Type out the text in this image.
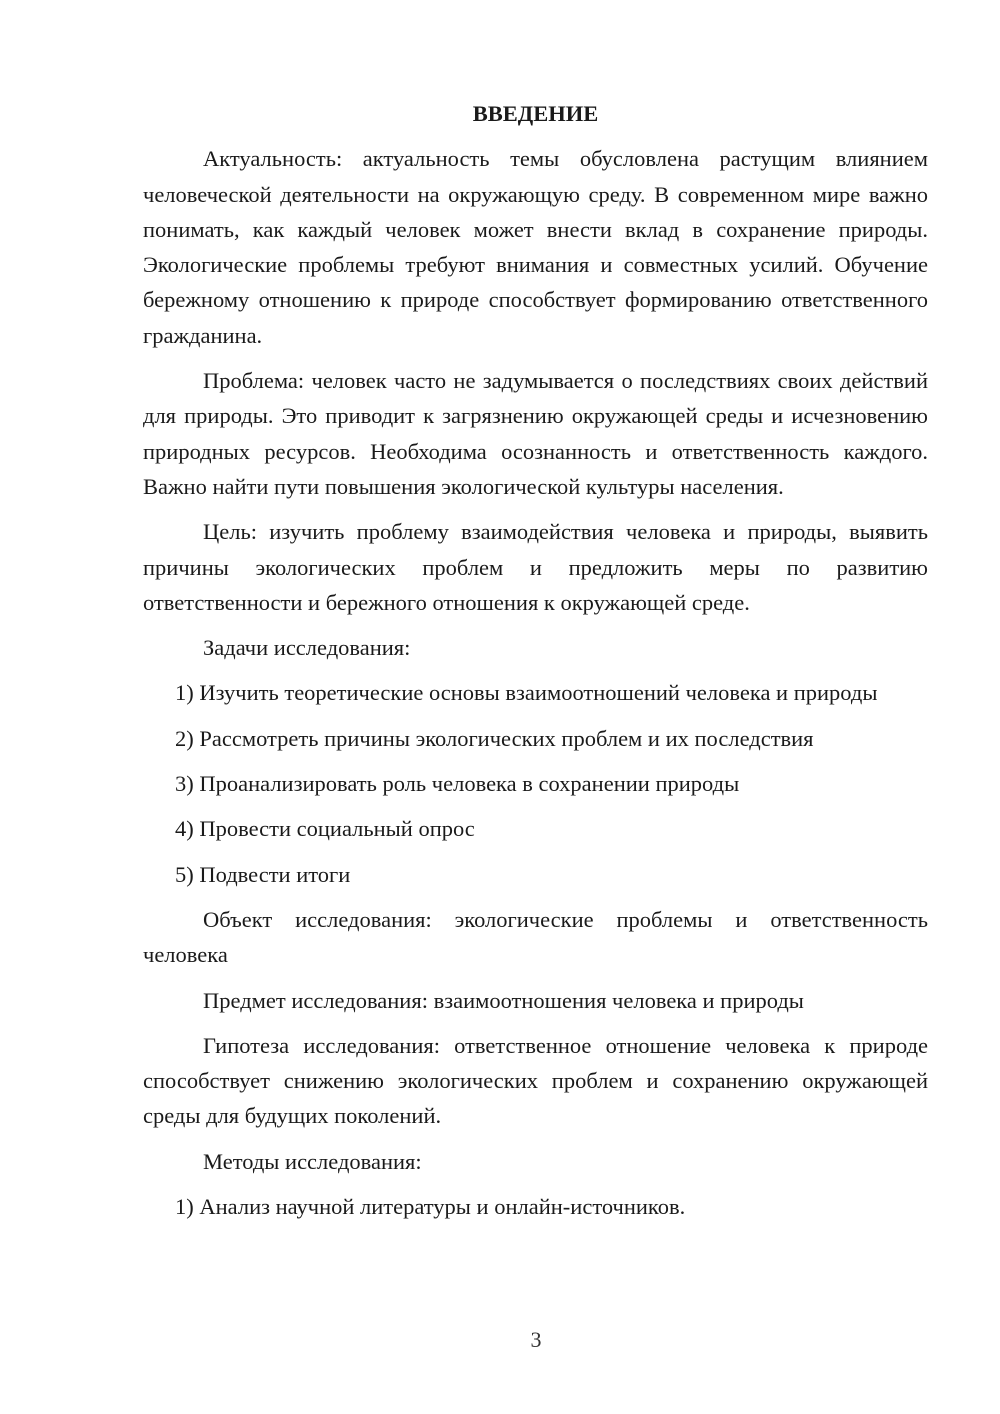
ВВЕДЕНИЕ

Актуальность: актуальность темы обусловлена растущим влиянием человеческой деятельности на окружающую среду. В современном мире важно понимать, как каждый человек может внести вклад в сохранение природы. Экологические проблемы требуют внимания и совместных усилий. Обучение бережному отношению к природе способствует формированию ответственного гражданина.

Проблема: человек часто не задумывается о последствиях своих действий для природы. Это приводит к загрязнению окружающей среды и исчезновению природных ресурсов. Необходима осознанность и ответственность каждого. Важно найти пути повышения экологической культуры населения.

Цель: изучить проблему взаимодействия человека и природы, выявить причины экологических проблем и предложить меры по развитию ответственности и бережного отношения к окружающей среде.

Задачи исследования:

1) Изучить теоретические основы взаимоотношений человека и природы

2) Рассмотреть причины экологических проблем и их последствия

3) Проанализировать роль человека в сохранении природы

4) Провести социальный опрос

5) Подвести итоги

Объект исследования: экологические проблемы и ответственность человека

Предмет исследования: взаимоотношения человека и природы

Гипотеза исследования: ответственное отношение человека к природе способствует снижению экологических проблем и сохранению окружающей среды для будущих поколений.

Методы исследования:

1) Анализ научной литературы и онлайн-источников.

3
